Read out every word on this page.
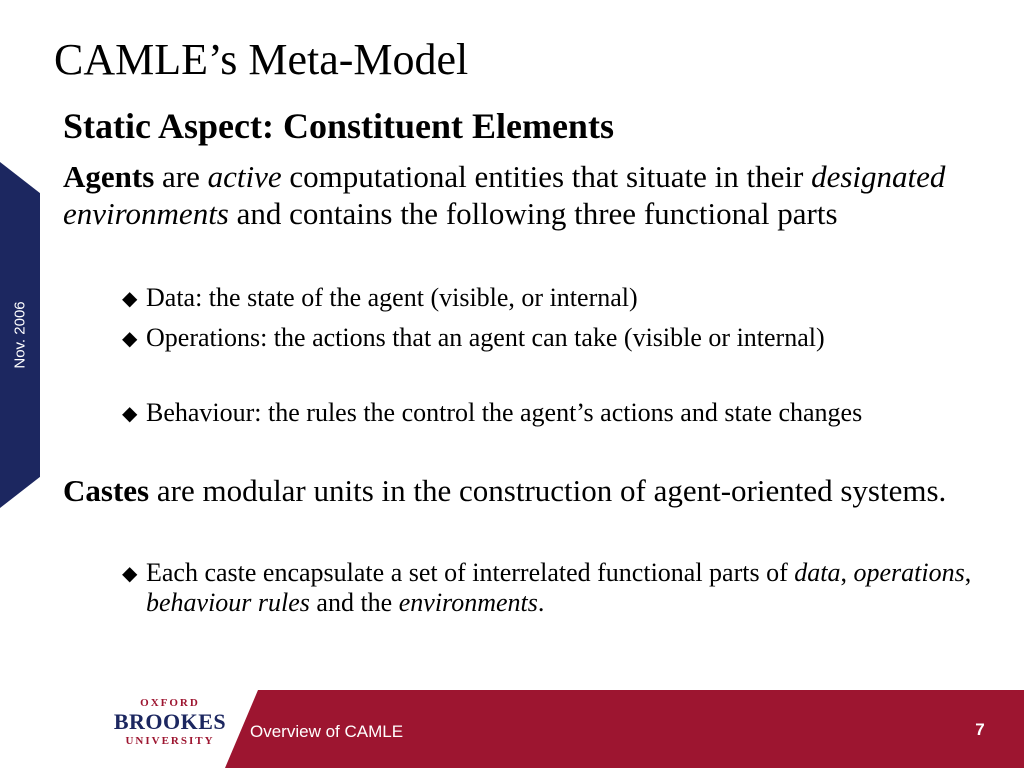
Nov. 2006
CAMLE’s Meta-Model
Static Aspect: Constituent Elements

Agents are active computational entities that situate in their designated environments and contains the following three functional parts

◆ Data: the state of the agent (visible, or internal)

◆ Operations: the actions that an agent can take (visible or internal)

◆ Behaviour: the rules the control the agent’s actions and state changes

Castes are modular units in the construction of agent-oriented systems.

◆ Each caste encapsulate a set of interrelated functional parts of data, operations, behaviour rules and the environments.

OXFORD
BROOKES
UNIVERSITY	Overview of CAMLE	7
